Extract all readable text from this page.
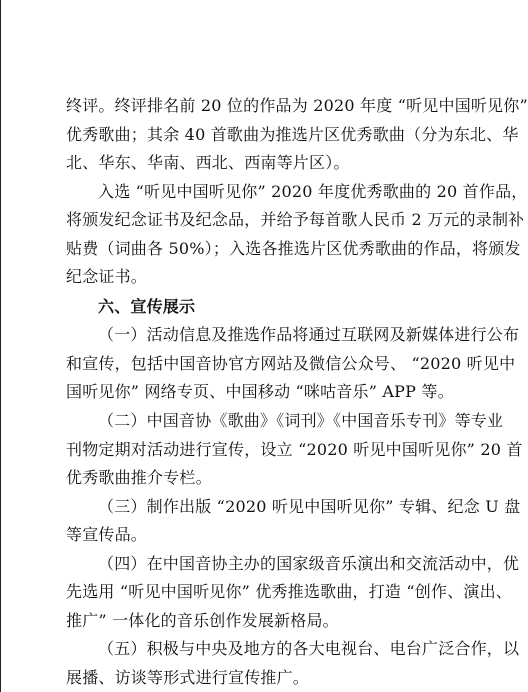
终评。终评排名前 20 位的作品为 2020 年度 “听见中国听见你”
优秀歌曲；其余 40 首歌曲为推选片区优秀歌曲（分为东北、华
北、华东、华南、西北、西南等片区）。
入选 “听见中国听见你” 2020 年度优秀歌曲的 20 首作品，
将颁发纪念证书及纪念品，并给予每首歌人民币 2 万元的录制补
贴费（词曲各 50%）；入选各推选片区优秀歌曲的作品，将颁发
纪念证书。
六、宣传展示
（一）活动信息及推选作品将通过互联网及新媒体进行公布
和宣传，包括中国音协官方网站及微信公众号、 “2020 听见中
国听见你” 网络专页、中国移动 “咪咕音乐” APP 等。
（二）中国音协《歌曲》《词刊》《中国音乐专刊》等专业
刊物定期对活动进行宣传，设立 “2020 听见中国听见你” 20 首
优秀歌曲推介专栏。
（三）制作出版 “2020 听见中国听见你” 专辑、纪念 U 盘
等宣传品。
（四）在中国音协主办的国家级音乐演出和交流活动中，优
先选用 “听见中国听见你” 优秀推选歌曲，打造 “创作、演出、
推广” 一体化的音乐创作发展新格局。
（五）积极与中央及地方的各大电视台、电台广泛合作，以
展播、访谈等形式进行宣传推广。
